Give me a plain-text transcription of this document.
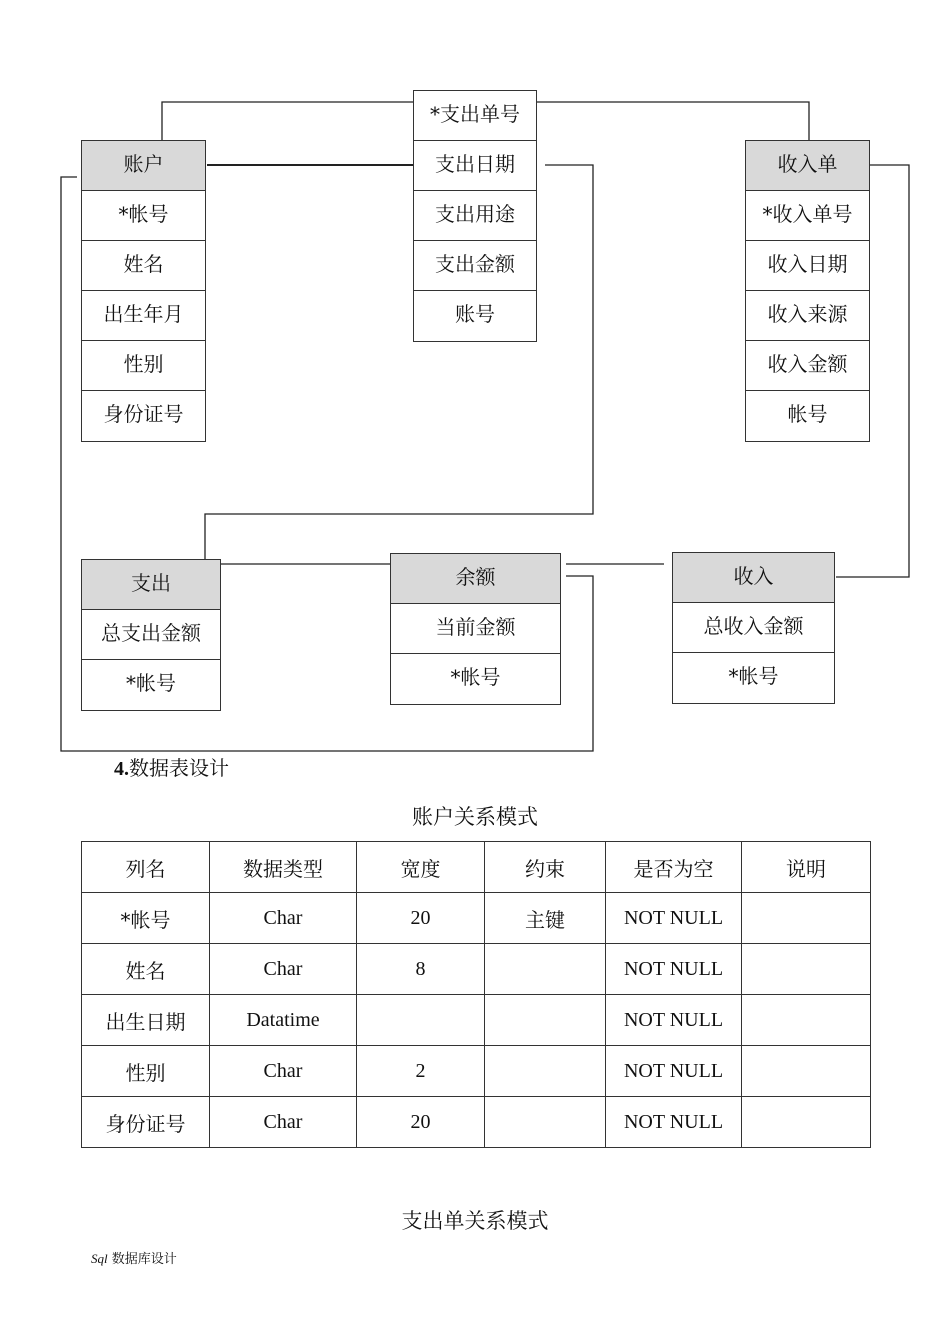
账户
*帐号
姓名
出生年月
性别
身份证号
*支出单号
支出日期
支出用途
支出金额
账号
收入单
*收入单号
收入日期
收入来源
收入金额
帐号
支出
总支出金额
*帐号
余额
当前金额
*帐号
收入
总收入金额
*帐号
4.数据表设计
账户关系模式
列名	数据类型	宽度	约束	是否为空	说明
*帐号	Char	20	主键	NOT NULL	
姓名	Char	8		NOT NULL	
出生日期	Datatime			NOT NULL	
性别	Char	2		NOT NULL	
身份证号	Char	20		NOT NULL	
支出单关系模式
Sql 数据库设计
